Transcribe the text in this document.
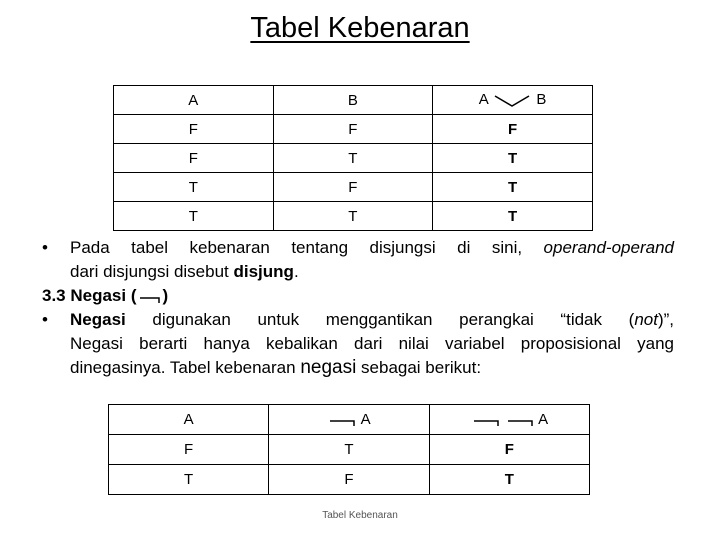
Tabel Kebenaran
A	B	A B
F	F	F
F	T	T
T	F	T
T	T	T
• Pada tabel kebenaran tentang disjungsi di sini, operand-operand
dari disjungsi disebut disjung.
3.3 Negasi ( )
• Negasi digunakan untuk menggantikan perangkai “tidak (not)”,
Negasi berarti hanya kebalikan dari nilai variabel proposisional yang
dinegasinya. Tabel kebenaran negasi sebagai berikut:
A	A	A
F	T	F
T	F	T
Tabel Kebenaran
